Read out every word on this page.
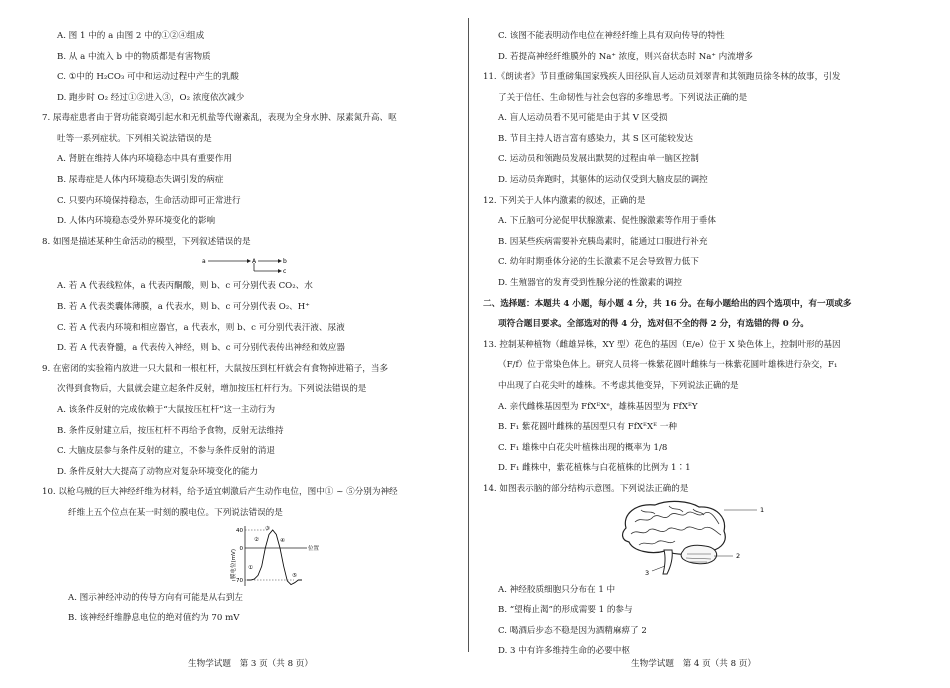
A. 图 1 中的 a 由图 2 中的①②④组成
B. 从 a 中流入 b 中的物质都是有害物质
C. ①中的 H₂CO₃ 可中和运动过程中产生的乳酸
D. 跑步时 O₂ 经过①②进入③，O₂ 浓度依次减少
7. 尿毒症患者由于肾功能衰竭引起水和无机盐等代谢紊乱，表现为全身水肿、尿素氮升高、呕
吐等一系列症状。下列相关说法错误的是
A. 肾脏在维持人体内环境稳态中具有重要作用
B. 尿毒症是人体内环境稳态失调引发的病症
C. 只要内环境保持稳态，生命活动即可正常进行
D. 人体内环境稳态受外界环境变化的影响
8. 如图是描述某种生命活动的模型，下列叙述错误的是
a	A	b
c
A. 若 A 代表线粒体，a 代表丙酮酸，则 b、c 可分别代表 CO₂、水
B. 若 A 代表类囊体薄膜，a 代表水，则 b、c 可分别代表 O₂、H⁺
C. 若 A 代表内环境和相应器官，a 代表水，则 b、c 可分别代表汗液、尿液
D. 若 A 代表脊髓，a 代表传入神经，则 b、c 可分别代表传出神经和效应器
9. 在密闭的实验箱内放进一只大鼠和一根杠杆，大鼠按压到杠杆就会有食物掉进箱子，当多
次得到食物后，大鼠就会建立起条件反射，增加按压杠杆行为。下列说法错误的是
A. 该条件反射的完成依赖于“大鼠按压杠杆”这一主动行为
B. 条件反射建立后，按压杠杆不再给予食物，反射无法维持
C. 大脑皮层参与条件反射的建立，不参与条件反射的消退
D. 条件反射大大提高了动物应对复杂环境变化的能力
10. 以枪乌贼的巨大神经纤维为材料，给予适宜刺激后产生动作电位，图中① ~ ⑤分别为神经
纤维上五个位点在某一时刻的膜电位。下列说法错误的是
膜电位(mV)
40
0
−70
位置
①
②
③
④
⑤
A. 图示神经冲动的传导方向有可能是从右到左
B. 该神经纤维静息电位的绝对值约为 70 mV
C. 该图不能表明动作电位在神经纤维上具有双向传导的特性
D. 若提高神经纤维膜外的 Na⁺ 浓度，则兴奋状态时 Na⁺ 内流增多
11.《朗读者》节目重磅集国家残疾人田径队盲人运动员刘翠青和其领跑员徐冬林的故事，引发
了关于信任、生命韧性与社会包容的多维思考。下列说法正确的是
A. 盲人运动员看不见可能是由于其 V 区受损
B. 节目主持人语言富有感染力，其 S 区可能较发达
C. 运动员和领跑员发展出默契的过程由单一脑区控制
D. 运动员奔跑时，其躯体的运动仅受到大脑皮层的调控
12. 下列关于人体内激素的叙述，正确的是
A. 下丘脑可分泌促甲状腺激素、促性腺激素等作用于垂体
B. 因某些疾病需要补充胰岛素时，能通过口服进行补充
C. 幼年时期垂体分泌的生长激素不足会导致智力低下
D. 生殖器官的发育受到性腺分泌的性激素的调控
二、选择题：本题共 4 小题，每小题 4 分，共 16 分。在每小题给出的四个选项中，有一项或多
项符合题目要求。全部选对的得 4 分，选对但不全的得 2 分，有选错的得 0 分。
13. 控制某种植物（雌雄异株，XY 型）花色的基因（E/e）位于 X 染色体上，控制叶形的基因
（F/f）位于常染色体上。研究人员将一株紫花圆叶雌株与一株紫花圆叶雄株进行杂交，F₁
中出现了白花尖叶的雄株。不考虑其他变异，下列说法正确的是
A. 亲代雌株基因型为 FfXᴱXᵉ，雄株基因型为 FfXᴱY
B. F₁ 紫花圆叶雌株的基因型只有 FfXᴱXᴱ 一种
C. F₁ 雄株中白花尖叶植株出现的概率为 1/8
D. F₁ 雌株中，紫花植株与白花植株的比例为 1∶1
14. 如图表示脑的部分结构示意图。下列说法正确的是
1
2
3
A. 神经胶质细胞只分布在 1 中
B. “望梅止渴”的形成需要 1 的参与
C. 喝酒后步态不稳是因为酒精麻痹了 2
D. 3 中有许多维持生命的必要中枢
生物学试题　第 3 页（共 8 页）	生物学试题　第 4 页（共 8 页）
